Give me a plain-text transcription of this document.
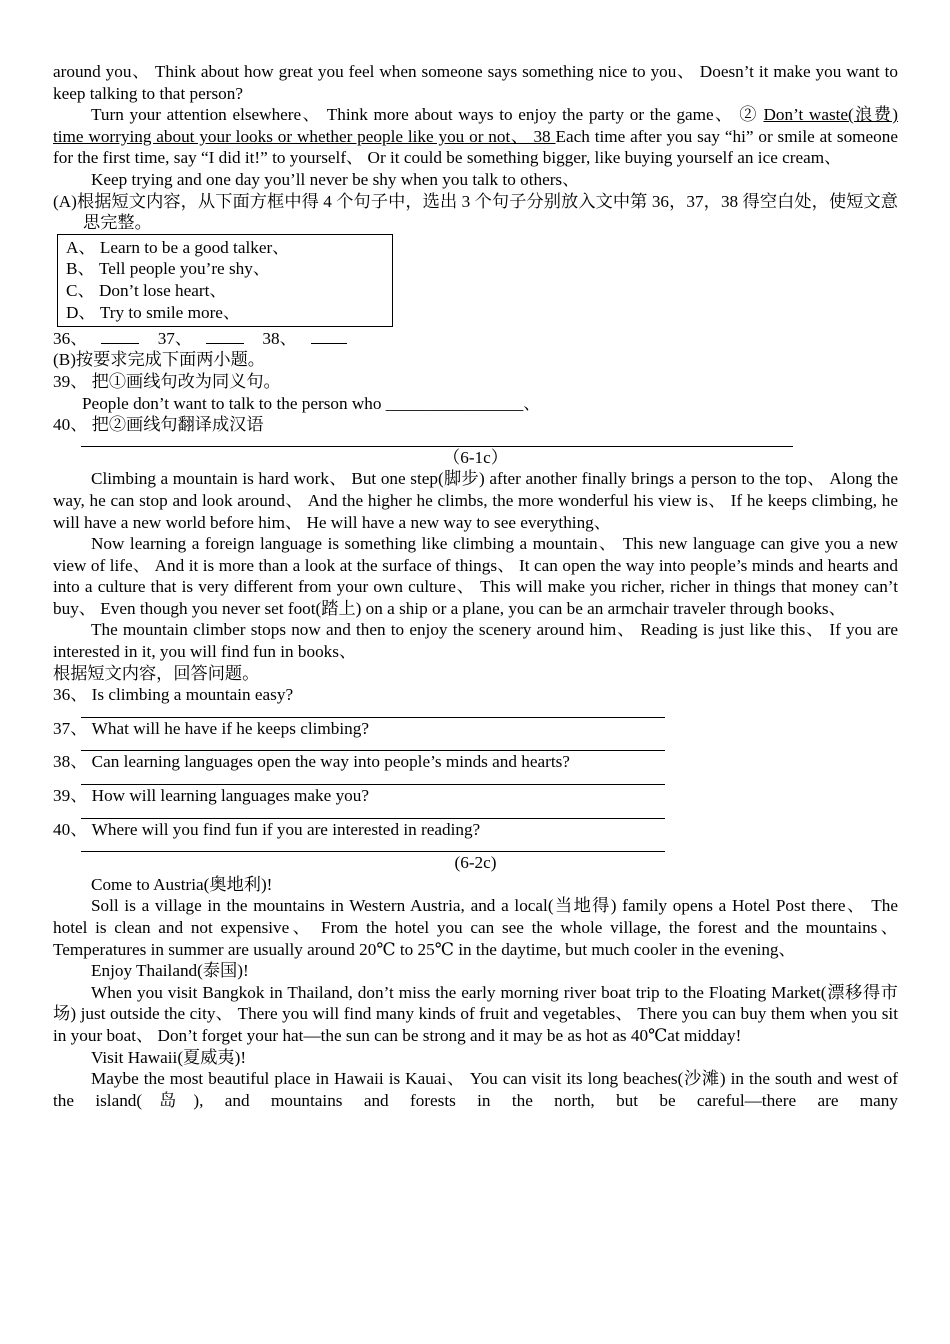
around you、 Think about how great you feel when someone says something nice to you、 Doesn’t it make you want to keep talking to that person?

Turn your attention elsewhere、 Think more about ways to enjoy the party or the game、 ② Don’t waste(浪费) time worrying about your looks or whether people like you or not、 38 Each time after you say “hi” or smile at someone for the first time, say “I did it!” to yourself、 Or it could be something bigger, like buying yourself an ice cream、

Keep trying and one day you’ll never be shy when you talk to others、

(A)根据短文内容，从下面方框中得 4 个句子中，选出 3 个句子分别放入文中第 36，37，38 得空白处，使短文意思完整。

A、 Learn to be a good talker、

B、 Tell people you’re shy、

C、 Don’t lose heart、

D、 Try to smile more、

36、	37、	38、

(B)按要求完成下面两小题。

39、 把①画线句改为同义句。

People don’t want to talk to the person who ________________、

40、 把②画线句翻译成汉语

（6-1c）

Climbing a mountain is hard work、 But one step(脚步) after another finally brings a person to the top、 Along the way, he can stop and look around、 And the higher he climbs, the more wonderful his view is、 If he keeps climbing, he will have a new world before him、 He will have a new way to see everything、

Now learning a foreign language is something like climbing a mountain、 This new language can give you a new view of life、 And it is more than a look at the surface of things、 It can open the way into people’s minds and hearts and into a culture that is very different from your own culture、 This will make you richer, richer in things that money can’t buy、 Even though you never set foot(踏上) on a ship or a plane, you can be an armchair traveler through books、

The mountain climber stops now and then to enjoy the scenery around him、 Reading is just like this、 If you are interested in it, you will find fun in books、

根据短文内容，回答问题。

36、 Is climbing a mountain easy?

37、 What will he have if he keeps climbing?

38、 Can learning languages open the way into people’s minds and hearts?

39、 How will learning languages make you?

40、 Where will you find fun if you are interested in reading?

(6-2c)

Come to Austria(奥地利)!

Soll is a village in the mountains in Western Austria, and a local(当地得) family opens a Hotel Post there、 The hotel is clean and not expensive、 From the hotel you can see the whole village, the forest and the mountains、 Temperatures in summer are usually around 20℃ to 25℃ in the daytime, but much cooler in the evening、

Enjoy Thailand(泰国)!

When you visit Bangkok in Thailand, don’t miss the early morning river boat trip to the Floating Market(漂移得市场) just outside the city、 There you will find many kinds of fruit and vegetables、 There you can buy them when you sit in your boat、 Don’t forget your hat—the sun can be strong and it may be as hot as 40℃at midday!

Visit Hawaii(夏威夷)!

Maybe the most beautiful place in Hawaii is Kauai、 You can visit its long beaches(沙滩) in the south and west of the island(岛), and mountains and forests in the north, but be careful—there are many
